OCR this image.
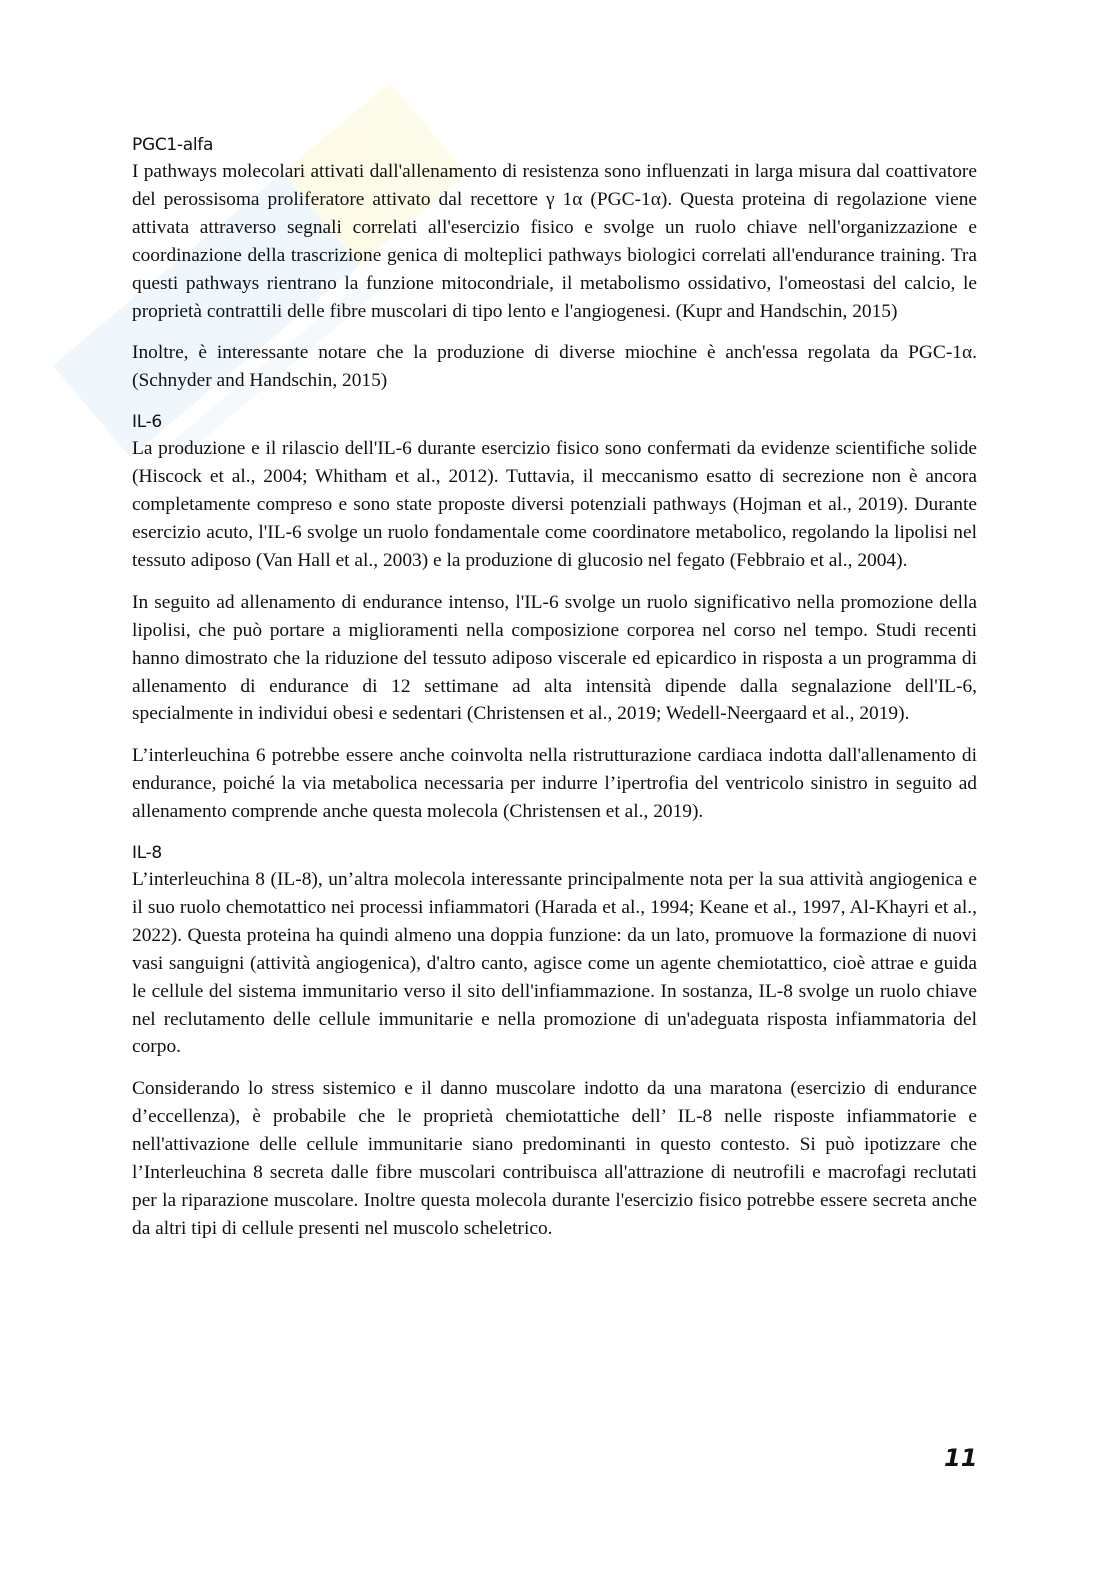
PGC1-alfa

I pathways molecolari attivati dall'allenamento di resistenza sono influenzati in larga misura dal coattivatore del perossisoma proliferatore attivato dal recettore γ 1α (PGC-1α). Questa proteina di regolazione viene attivata attraverso segnali correlati all'esercizio fisico e svolge un ruolo chiave nell'organizzazione e coordinazione della trascrizione genica di molteplici pathways biologici correlati all'endurance training. Tra questi pathways rientrano la funzione mitocondriale, il metabolismo ossidativo, l'omeostasi del calcio, le proprietà contrattili delle fibre muscolari di tipo lento e l'angiogenesi. (Kupr and Handschin, 2015)

Inoltre, è interessante notare che la produzione di diverse miochine è anch'essa regolata da PGC-1α. (Schnyder and Handschin, 2015)

IL-6

La produzione e il rilascio dell'IL-6 durante esercizio fisico sono confermati da evidenze scientifiche solide (Hiscock et al., 2004; Whitham et al., 2012). Tuttavia, il meccanismo esatto di secrezione non è ancora completamente compreso e sono state proposte diversi potenziali pathways (Hojman et al., 2019). Durante esercizio acuto, l'IL-6 svolge un ruolo fondamentale come coordinatore metabolico, regolando la lipolisi nel tessuto adiposo (Van Hall et al., 2003) e la produzione di glucosio nel fegato (Febbraio et al., 2004).

In seguito ad allenamento di endurance intenso, l'IL-6 svolge un ruolo significativo nella promozione della lipolisi, che può portare a miglioramenti nella composizione corporea nel corso nel tempo. Studi recenti hanno dimostrato che la riduzione del tessuto adiposo viscerale ed epicardico in risposta a un programma di allenamento di endurance di 12 settimane ad alta intensità dipende dalla segnalazione dell'IL-6, specialmente in individui obesi e sedentari (Christensen et al., 2019; Wedell-Neergaard et al., 2019).

L’interleuchina 6 potrebbe essere anche coinvolta nella ristrutturazione cardiaca indotta dall'allenamento di endurance, poiché la via metabolica necessaria per indurre l’ipertrofia del ventricolo sinistro in seguito ad allenamento comprende anche questa molecola (Christensen et al., 2019).

IL-8

L’interleuchina 8 (IL-8), un’altra molecola interessante principalmente nota per la sua attività angiogenica e il suo ruolo chemotattico nei processi infiammatori (Harada et al., 1994; Keane et al., 1997, Al-Khayri et al., 2022). Questa proteina ha quindi almeno una doppia funzione: da un lato, promuove la formazione di nuovi vasi sanguigni (attività angiogenica), d'altro canto, agisce come un agente chemiotattico, cioè attrae e guida le cellule del sistema immunitario verso il sito dell'infiammazione. In sostanza, IL-8 svolge un ruolo chiave nel reclutamento delle cellule immunitarie e nella promozione di un'adeguata risposta infiammatoria del corpo.

Considerando lo stress sistemico e il danno muscolare indotto da una maratona (esercizio di endurance d’eccellenza), è probabile che le proprietà chemiotattiche dell’ IL-8 nelle risposte infiammatorie e nell'attivazione delle cellule immunitarie siano predominanti in questo contesto. Si può ipotizzare che l’Interleuchina 8 secreta dalle fibre muscolari contribuisca all'attrazione di neutrofili e macrofagi reclutati per la riparazione muscolare. Inoltre questa molecola durante l'esercizio fisico potrebbe essere secreta anche da altri tipi di cellule presenti nel muscolo scheletrico.

11
